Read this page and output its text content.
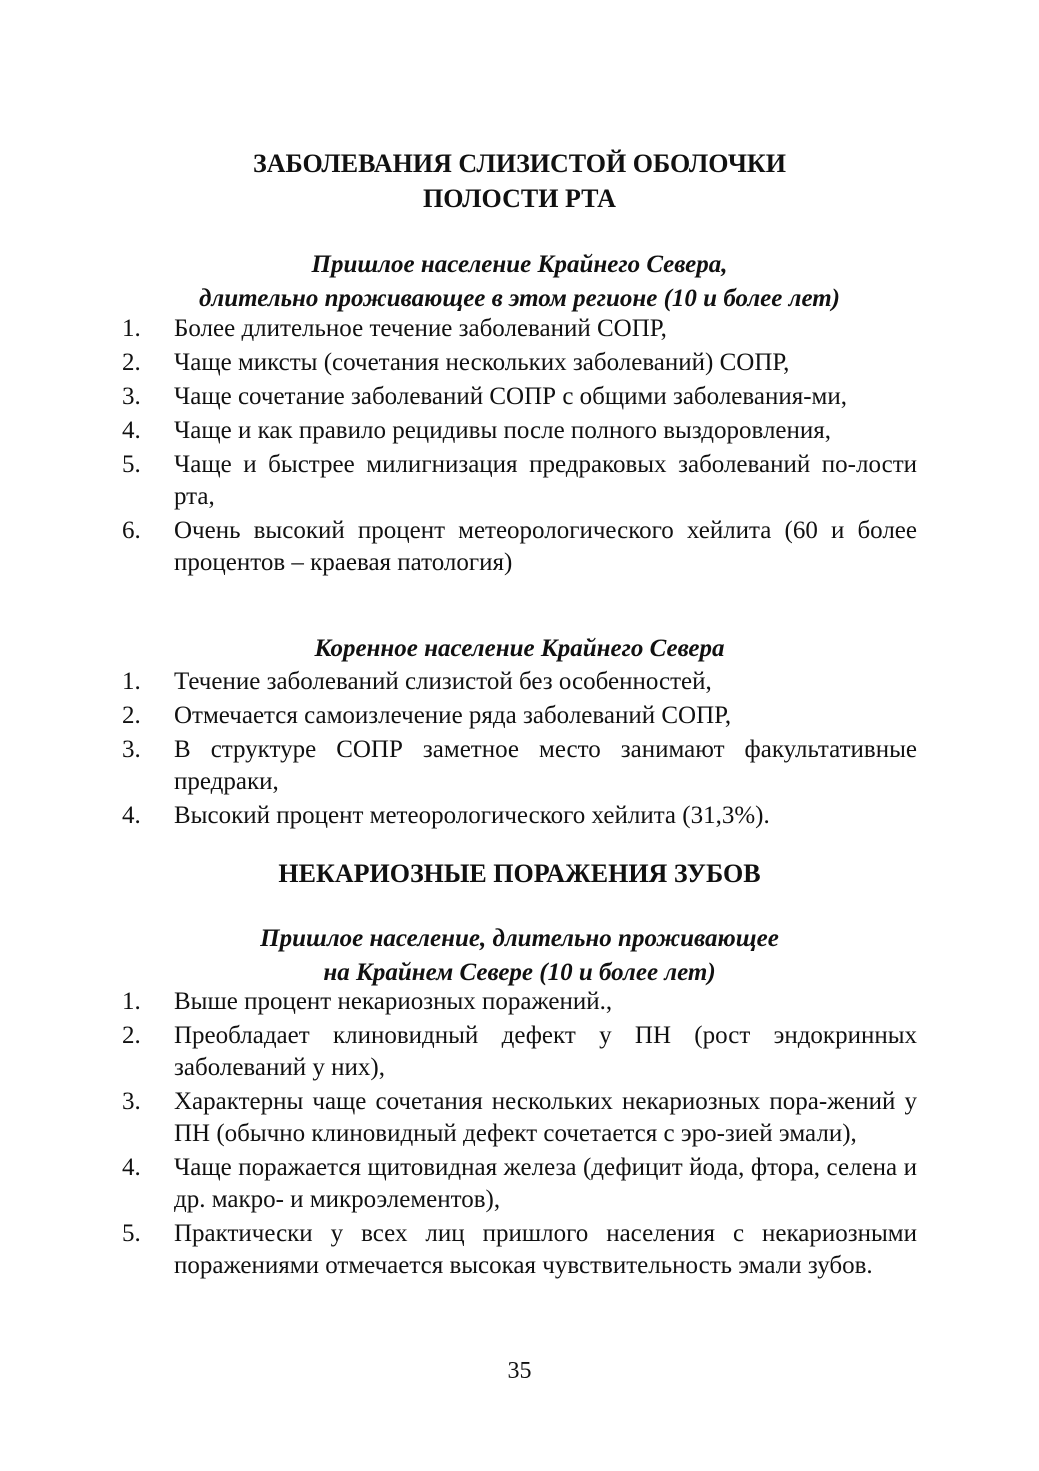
ЗАБОЛЕВАНИЯ СЛИЗИСТОЙ ОБОЛОЧКИ
ПОЛОСТИ РТА
Пришлое население Крайнего Севера,
длительно проживающее в этом регионе (10 и более лет)
1.	Более длительное течение заболеваний СОПР,
2.	Чаще миксты (сочетания нескольких заболеваний) СОПР,
3.	Чаще сочетание заболеваний СОПР с общими заболевания-ми,
4.	Чаще и как правило рецидивы после полного выздоровления,
5.	Чаще и быстрее милигнизация предраковых заболеваний по-лости рта,
6.	Очень высокий процент метеорологического хейлита (60 и более процентов – краевая патология)
Коренное население Крайнего Севера
1.	Течение заболеваний слизистой без особенностей,
2.	Отмечается самоизлечение ряда заболеваний СОПР,
3.	В структуре СОПР заметное место занимают факультативные предраки,
4.	Высокий процент метеорологического хейлита (31,3%).
НЕКАРИОЗНЫЕ ПОРАЖЕНИЯ ЗУБОВ
Пришлое население, длительно проживающее
на Крайнем Севере (10 и более лет)
1.	Выше процент некариозных поражений.,
2.	Преобладает клиновидный дефект у ПН (рост эндокринных заболеваний у них),
3.	Характерны чаще сочетания нескольких некариозных пора-жений у ПН (обычно клиновидный дефект сочетается с эро-зией эмали),
4.	Чаще поражается щитовидная железа (дефицит йода, фтора, селена и др. макро- и микроэлементов),
5.	Практически у всех лиц пришлого населения с некариозными поражениями отмечается высокая чувствительность эмали зубов.
35
